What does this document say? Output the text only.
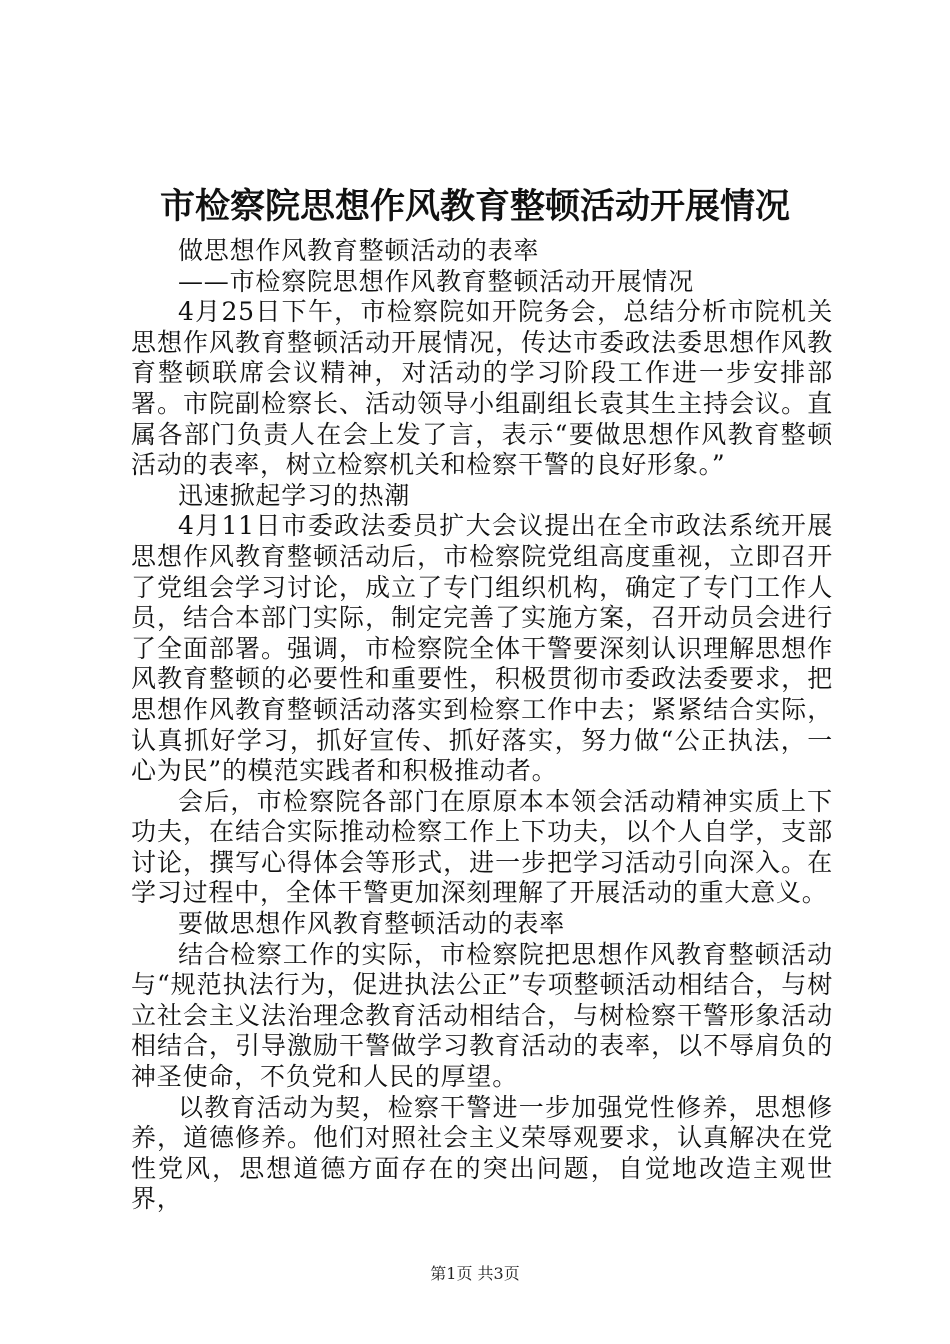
市检察院思想作风教育整顿活动开展情况

做思想作风教育整顿活动的表率

——市检察院思想作风教育整顿活动开展情况

4月25日下午，市检察院如开院务会，总结分析市院机关思想作风教育整顿活动开展情况，传达市委政法委思想作风教育整顿联席会议精神，对活动的学习阶段工作进一步安排部署。市院副检察长、活动领导小组副组长袁其生主持会议。直属各部门负责人在会上发了言，表示“要做思想作风教育整顿活动的表率，树立检察机关和检察干警的良好形象。”

迅速掀起学习的热潮

4月11日市委政法委员扩大会议提出在全市政法系统开展思想作风教育整顿活动后，市检察院党组高度重视，立即召开了党组会学习讨论，成立了专门组织机构，确定了专门工作人员，结合本部门实际，制定完善了实施方案，召开动员会进行了全面部署。强调，市检察院全体干警要深刻认识理解思想作风教育整顿的必要性和重要性，积极贯彻市委政法委要求，把思想作风教育整顿活动落实到检察工作中去；紧紧结合实际，认真抓好学习，抓好宣传、抓好落实，努力做“公正执法，一心为民”的模范实践者和积极推动者。

会后，市检察院各部门在原原本本领会活动精神实质上下功夫，在结合实际推动检察工作上下功夫，以个人自学，支部讨论，撰写心得体会等形式，进一步把学习活动引向深入。在学习过程中，全体干警更加深刻理解了开展活动的重大意义。

要做思想作风教育整顿活动的表率

结合检察工作的实际，市检察院把思想作风教育整顿活动与“规范执法行为，促进执法公正”专项整顿活动相结合，与树立社会主义法治理念教育活动相结合，与树检察干警形象活动相结合，引导激励干警做学习教育活动的表率，以不辱肩负的神圣使命，不负党和人民的厚望。

以教育活动为契，检察干警进一步加强党性修养，思想修养，道德修养。他们对照社会主义荣辱观要求，认真解决在党性党风，思想道德方面存在的突出问题，自觉地改造主观世界，

第1页 共3页
